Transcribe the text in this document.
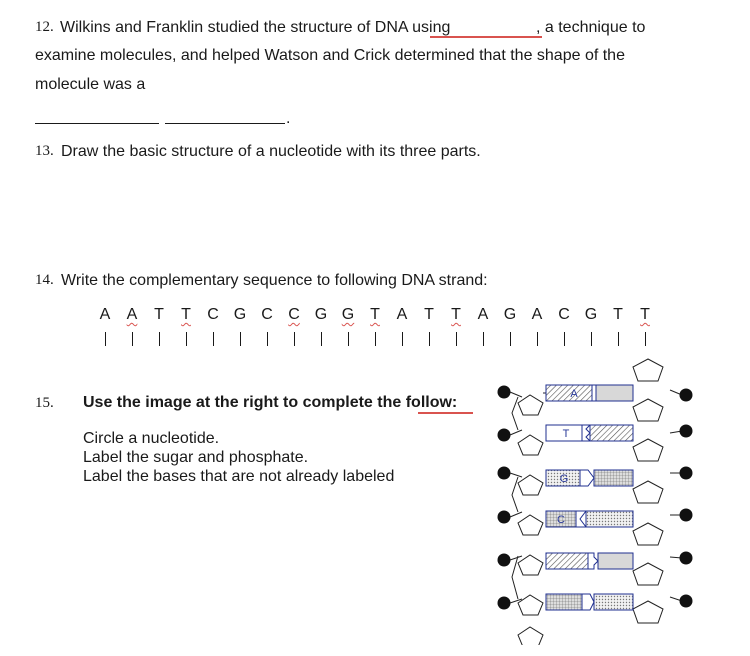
12. Wilkins and Franklin studied the structure of DNA using	, a technique to
examine molecules, and helped Watson and Crick determined that the shape of the
molecule was a
.
13. Draw the basic structure of a nucleotide with its three parts.
14. Write the complementary sequence to following DNA strand:
A A T T C G C C G G T A T T A G A C G T T
15. Use the image at the right to complete the follow:
Circle a nucleotide.
Label the sugar and phosphate.
Label the bases that are not already labeled
A
T
G
C
